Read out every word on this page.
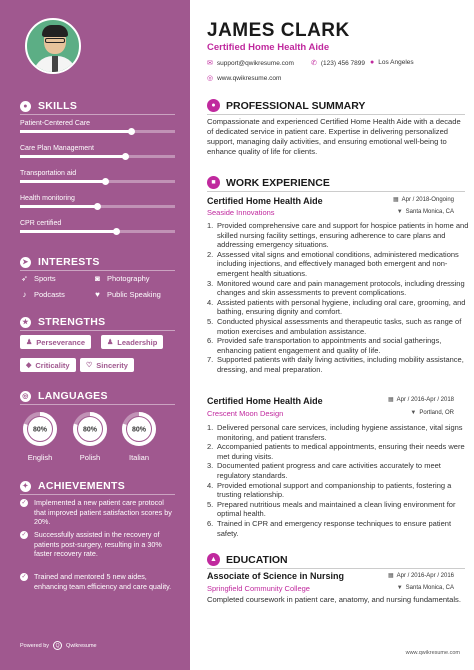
● SKILLS
Patient-Centered Care
Care Plan Management
Transportation aid
Health monitoring
CPR certified
➤ INTERESTS
➶ Sports	◙ Photography
♪	Podcasts	♥ Public Speaking
★ STRENGTHS
♟ Perseverance	♟ Leadership
◆ Criticality ♡ Sincerity
◎ LANGUAGES
80%
English
80%
Polish
80%
Italian
✦ ACHIEVEMENTS
✓ Implemented a new patient care protocol that improved patient satisfaction scores by 20%.
✓ Successfully assisted in the recovery of patients post-surgery, resulting in a 30% faster recovery rate.
✓ Trained and mentored 5 new aides, enhancing team efficiency and care quality.
Powered by	Q	Qwikresume
JAMES CLARK
Certified Home Health Aide
✉ support@qwikresume.com ✆ (123) 456 7899 ● Los Angeles
◎ www.qwikresume.com
● PROFESSIONAL SUMMARY
Compassionate and experienced Certified Home Health Aide with a decade of dedicated service in patient care. Expertise in delivering personalized support, managing daily activities, and ensuring emotional well-being to enhance quality of life for clients.
■ WORK EXPERIENCE
Certified Home Health Aide	▦ Apr / 2018-Ongoing
Seaside Innovations	▼ Santa Monica, CA
1. Provided comprehensive care and support for hospice patients in home and skilled nursing facility settings, ensuring adherence to care plans and addressing emergency situations.
2. Assessed vital signs and emotional conditions, administered medications including injections, and effectively managed both emergent and non-emergent health situations.
3. Monitored wound care and pain management protocols, including dressing changes and skin assessments to prevent complications.
4. Assisted patients with personal hygiene, including oral care, grooming, and bathing, ensuring dignity and comfort.
5. Conducted physical assessments and therapeutic tasks, such as range of motion exercises and ambulation assistance.
6. Provided safe transportation to appointments and social gatherings, enhancing patient engagement and quality of life.
7. Supported patients with daily living activities, including mobility assistance, dressing, and meal preparation.
Certified Home Health Aide	▦ Apr / 2016-Apr / 2018
Crescent Moon Design	▼ Portland, OR
1. Delivered personal care services, including hygiene assistance, vital signs monitoring, and patient transfers.
2. Accompanied patients to medical appointments, ensuring their needs were met during visits.
3. Documented patient progress and care activities accurately to meet regulatory standards.
4. Provided emotional support and companionship to patients, fostering a trusting relationship.
5. Prepared nutritious meals and maintained a clean living environment for optimal health.
6. Trained in CPR and emergency response techniques to ensure patient safety.
▲ EDUCATION
Associate of Science in Nursing	▦ Apr / 2016-Apr / 2016
Springfield Community College	▼ Santa Monica, CA
Completed coursework in patient care, anatomy, and nursing fundamentals.
www.qwikresume.com
